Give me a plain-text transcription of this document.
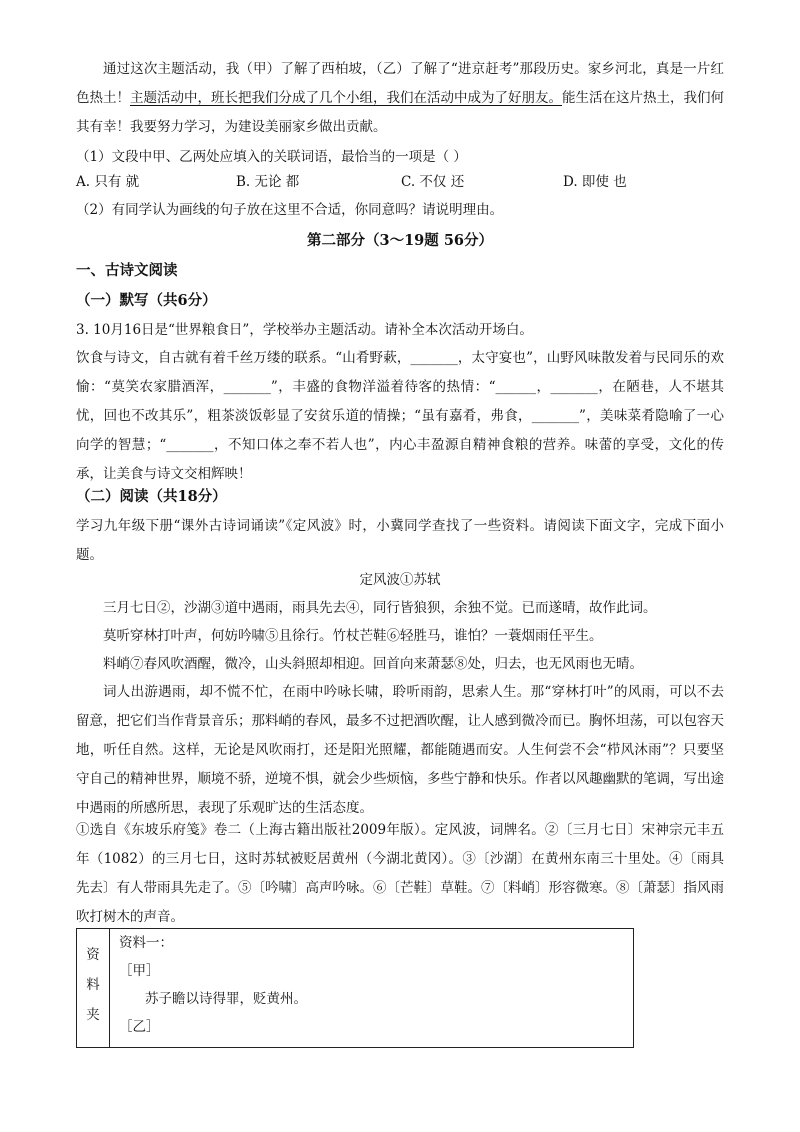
通过这次主题活动，我（甲）了解了西柏坡，（乙）了解了“进京赶考”那段历史。家乡河北，真是一片红色热土！主题活动中，班长把我们分成了几个小组，我们在活动中成为了好朋友。能生活在这片热土，我们何其有幸！我要努力学习，为建设美丽家乡做出贡献。
（1）文段中甲、乙两处应填入的关联词语，最恰当的一项是（ ）
A. 只有 就	B. 无论 都	C. 不仅 还	D. 即使 也
（2）有同学认为画线的句子放在这里不合适，你同意吗？请说明理由。
第二部分（3～19题 56分）
一、古诗文阅读
（一）默写（共6分）
3. 10月16日是“世界粮食日”，学校举办主题活动。请补全本次活动开场白。
饮食与诗文，自古就有着千丝万缕的联系。“山肴野蔌，_______，太守宴也”，山野风味散发着与民同乐的欢愉：“莫笑农家腊酒浑，_______”，丰盛的食物洋溢着待客的热情：“______，_______，在陋巷，人不堪其忧，回也不改其乐”，粗茶淡饭彰显了安贫乐道的情操；“虽有嘉肴，弗食，_______”，美味菜肴隐喻了一心向学的智慧；“_______，不知口体之奉不若人也”，内心丰盈源自精神食粮的营养。味蕾的享受，文化的传承，让美食与诗文交相辉映！
（二）阅读（共18分）
学习九年级下册“课外古诗词诵读”《定风波》时，小冀同学查找了一些资料。请阅读下面文字，完成下面小题。
定风波①苏轼
三月七日②，沙湖③道中遇雨，雨具先去④，同行皆狼狈，余独不觉。已而遂晴，故作此词。
莫听穿林打叶声，何妨吟啸⑤且徐行。竹杖芒鞋⑥轻胜马，谁怕？一蓑烟雨任平生。
料峭⑦春风吹酒醒，微冷，山头斜照却相迎。回首向来萧瑟⑧处，归去，也无风雨也无晴。
词人出游遇雨，却不慌不忙，在雨中吟咏长啸，聆听雨韵，思索人生。那“穿林打叶”的风雨，可以不去留意，把它们当作背景音乐；那料峭的春风，最多不过把酒吹醒，让人感到微冷而已。胸怀坦荡，可以包容天地，听任自然。这样，无论是风吹雨打，还是阳光照耀，都能随遇而安。人生何尝不会“栉风沐雨”？只要坚守自己的精神世界，顺境不骄，逆境不惧，就会少些烦恼，多些宁静和快乐。作者以风趣幽默的笔调，写出途中遇雨的所感所思，表现了乐观旷达的生活态度。
①选自《东坡乐府笺》卷二（上海古籍出版社2009年版）。定风波，词牌名。②〔三月七日〕宋神宗元丰五年（1082）的三月七日，这时苏轼被贬居黄州（今湖北黄冈）。③〔沙湖〕在黄州东南三十里处。④〔雨具先去〕有人带雨具先走了。⑤〔吟啸〕高声吟咏。⑥〔芒鞋〕草鞋。⑦〔料峭〕形容微寒。⑧〔萧瑟〕指风雨吹打树木的声音。
资
料
夹
资料一：
［甲］
苏子瞻以诗得罪，贬黄州。
［乙］
